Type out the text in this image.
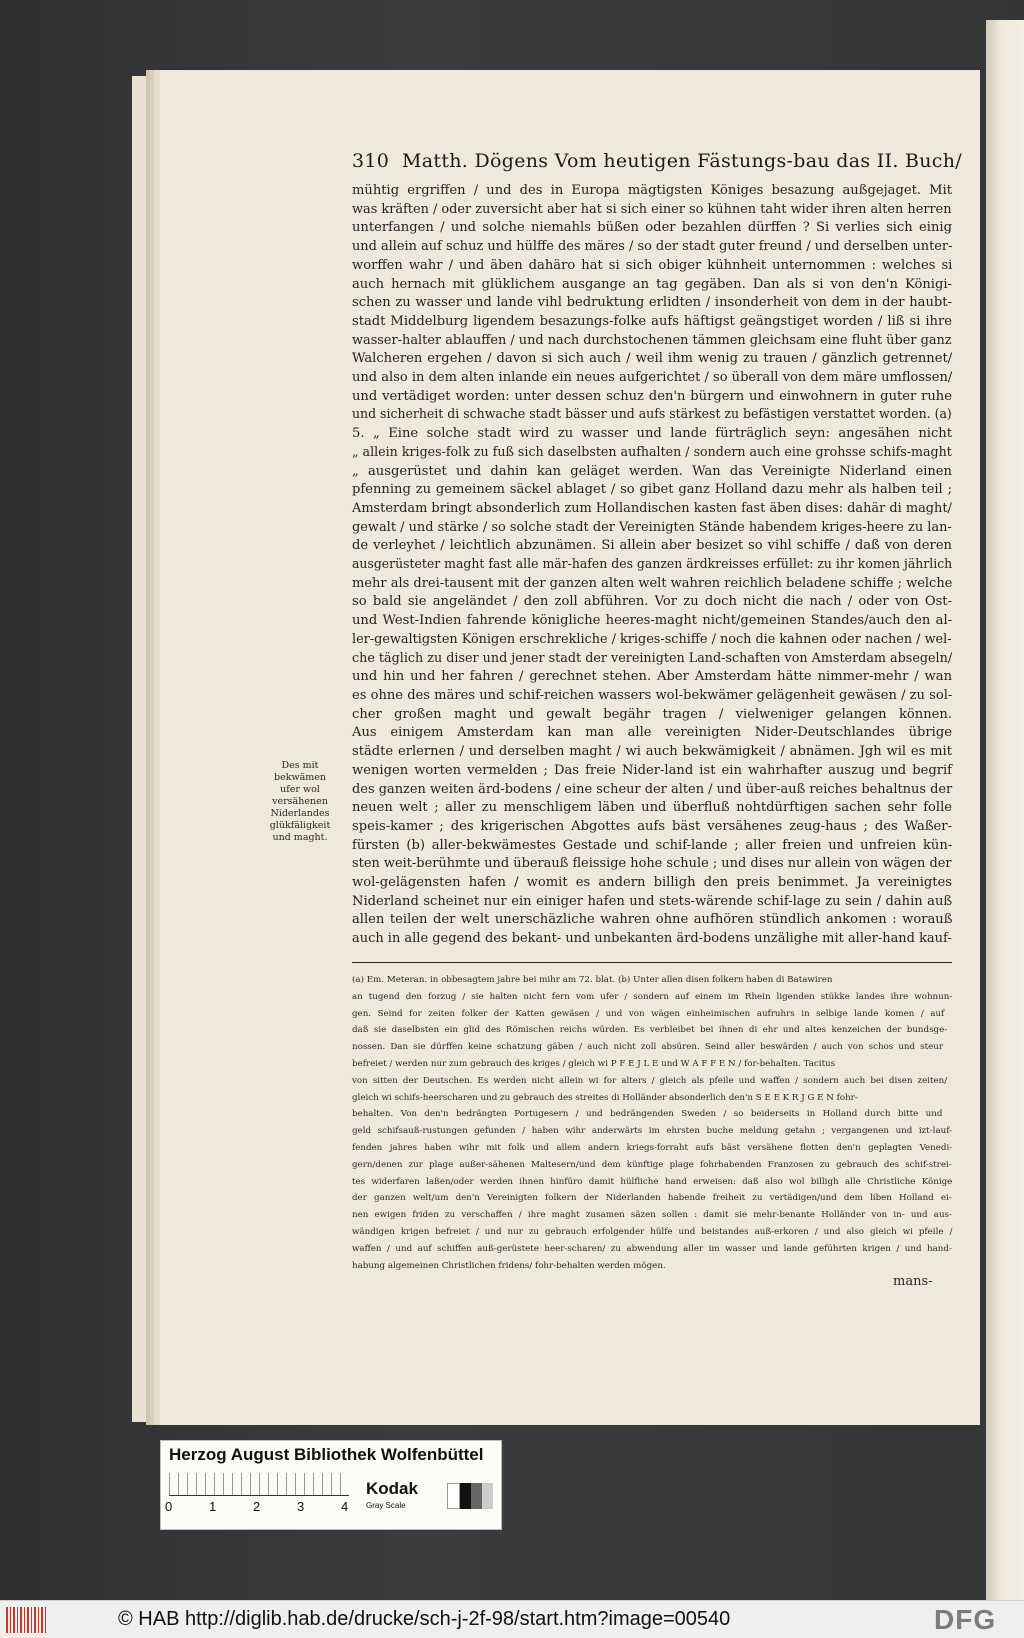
310 Matth. Dögens Vom heutigen Fästungs-bau das II. Buch/

mühtig ergriffen / und des in Europa mägtigsten Königes besazung außgejaget. Mit

was kräften / oder zuversicht aber hat si sich einer so kühnen taht wider ihren alten herren

unterfangen / und solche niemahls büßen oder bezahlen dürffen ? Si verlies sich einig

und allein auf schuz und hülffe des märes / so der stadt guter freund / und derselben unter-

worffen wahr / und äben dahäro hat si sich obiger kühnheit unternommen : welches si

auch hernach mit glüklichem ausgange an tag gegäben. Dan als si von den'n Königi-

schen zu wasser und lande vihl bedruktung erlidten / insonderheit von dem in der haubt-

stadt Middelburg ligendem besazungs-folke aufs häftigst geängstiget worden / liß si ihre

wasser-halter ablauffen / und nach durchstochenen tämmen gleichsam eine fluht über ganz

Walcheren ergehen / davon si sich auch / weil ihm wenig zu trauen / gänzlich getrennet/

und also in dem alten inlande ein neues aufgerichtet / so überall von dem märe umflossen/

und vertädiget worden: unter dessen schuz den'n bürgern und einwohnern in guter ruhe

und sicherheit di schwache stadt bässer und aufs stärkest zu befästigen verstattet worden. (a)

5. „ Eine solche stadt wird zu wasser und lande fürträglich seyn: angesähen nicht

„ allein kriges-folk zu fuß sich daselbsten aufhalten / sondern auch eine grohsse schifs-maght

„ ausgerüstet und dahin kan geläget werden. Wan das Vereinigte Niderland einen

pfenning zu gemeinem säckel ablaget / so gibet ganz Holland dazu mehr als halben teil ;

Amsterdam bringt absonderlich zum Hollandischen kasten fast äben dises: dahär di maght/

gewalt / und stärke / so solche stadt der Vereinigten Stände habendem kriges-heere zu lan-

de verleyhet / leichtlich abzunämen. Si allein aber besizet so vihl schiffe / daß von deren

ausgerüsteter maght fast alle mär-hafen des ganzen ärdkreisses erfüllet: zu ihr komen jährlich

mehr als drei-tausent mit der ganzen alten welt wahren reichlich beladene schiffe ; welche

so bald sie angeländet / den zoll abführen. Vor zu doch nicht die nach / oder von Ost-

und West-Indien fahrende königliche heeres-maght nicht/gemeinen Standes/auch den al-

ler-gewaltigsten Königen erschrekliche / kriges-schiffe / noch die kahnen oder nachen / wel-

che täglich zu diser und jener stadt der vereinigten Land-schaften von Amsterdam absegeln/

und hin und her fahren / gerechnet stehen. Aber Amsterdam hätte nimmer-mehr / wan

es ohne des märes und schif-reichen wassers wol-bekwämer gelägenheit gewäsen / zu sol-

cher großen maght und gewalt begähr tragen / vielweniger gelangen können.

Aus einigem Amsterdam kan man alle vereinigten Nider-Deutschlandes übrige

städte erlernen / und derselben maght / wi auch bekwämigkeit / abnämen. Jgh wil es mit

wenigen worten vermelden ; Das freie Nider-land ist ein wahrhafter auszug und begrif

des ganzen weiten ärd-bodens / eine scheur der alten / und über-auß reiches behaltnus der

neuen welt ; aller zu menschligem läben und überfluß nohtdürftigen sachen sehr folle

speis-kamer ; des krigerischen Abgottes aufs bäst versähenes zeug-haus ; des Waßer-

fürsten (b) aller-bekwämestes Gestade und schif-lande ; aller freien und unfreien kün-

sten weit-berühmte und überauß fleissige hohe schule ; und dises nur allein von wägen der

wol-gelägensten hafen / womit es andern billigh den preis benimmet. Ja vereinigtes

Niderland scheinet nur ein einiger hafen und stets-wärende schif-lage zu sein / dahin auß

allen teilen der welt unerschäzliche wahren ohne aufhören stündlich ankomen : worauß

auch in alle gegend des bekant- und unbekanten ärd-bodens unzälighe mit aller-hand kauf-

Des mit bekwämen ufer wol versähenen Niderlandes glükfäligkeit und maght.

(a) Em. Meteran. in obbesagtem jahre bei mihr am 72. blat. (b) Unter allen disen folkern haben di Batawiren

an tugend den forzug / sie halten nicht fern vom ufer / sondern auf einem im Rhein ligenden stükke landes ihre wohnun-

gen. Seind for zeiten folker der Katten gewäsen / und von wägen einheimischen aufruhrs in selbige lande komen / auf

daß sie daselbsten ein glid des Römischen reichs würden. Es verbleibet bei ihnen di ehr und altes kenzeichen der bundsge-

nossen. Dan sie dürffen keine schatzung gäben / auch nicht zoll absüren. Seind aller beswärden / auch von schos und steur

befreiet / werden nur zum gebrauch des kriges / gleich wi P F E J L E und W A F F E N / for-behalten. Tacitus

von sitten der Deutschen. Es werden nicht allein wi for alters / gleich als pfeile und waffen / sondern auch bei disen zeiten/

gleich wi schifs-heerscharen und zu gebrauch des streites di Holländer absonderlich den'n S E E K R J G E N fohr-

behalten. Von den'n bedrängten Portugesern / und bedrängenden Sweden / so beiderseits in Holland durch bitte und

geld schifsauß-rustungen gefunden / haben wihr anderwärts im ehrsten buche meldung getahn ; vergangenen und izt-lauf-

fenden jahres haben wihr mit folk und allem andern kriegs-forraht aufs bäst versähene flotten den'n geplagten Venedi-

gern/denen zur plage außer-sähenen Maltesern/und dem künftige plage fohrhabenden Franzosen zu gebrauch des schif-strei-

tes widerfaren laßen/oder werden ihnen hinfüro damit hülfliche hand erweisen: daß also wol billigh alle Christliche Könige

der ganzen welt/um den'n Vereinigten folkern der Niderlanden habende freiheit zu vertädigen/und dem liben Holland ei-

nen ewigen friden zu verschaffen / ihre maght zusamen säzen sollen : damit sie mehr-benante Holländer von in- und aus-

wändigen krigen befreiet / und nur zu gebrauch erfolgender hülfe und beistandes auß-erkoren / und also gleich wi pfeile /

waffen / und auf schiffen auß-gerüstete heer-scharen/ zu abwendung aller im wasser und lande geführten krigen / und hand-

habung algemeinen Christlichen fridens/ fohr-behalten werden mögen.

mans-
Herzog August Bibliothek Wolfenbüttel
0	1	2	3	4
Kodak
Gray Scale
© HAB http://diglib.hab.de/drucke/sch-j-2f-98/start.htm?image=00540	DFG
